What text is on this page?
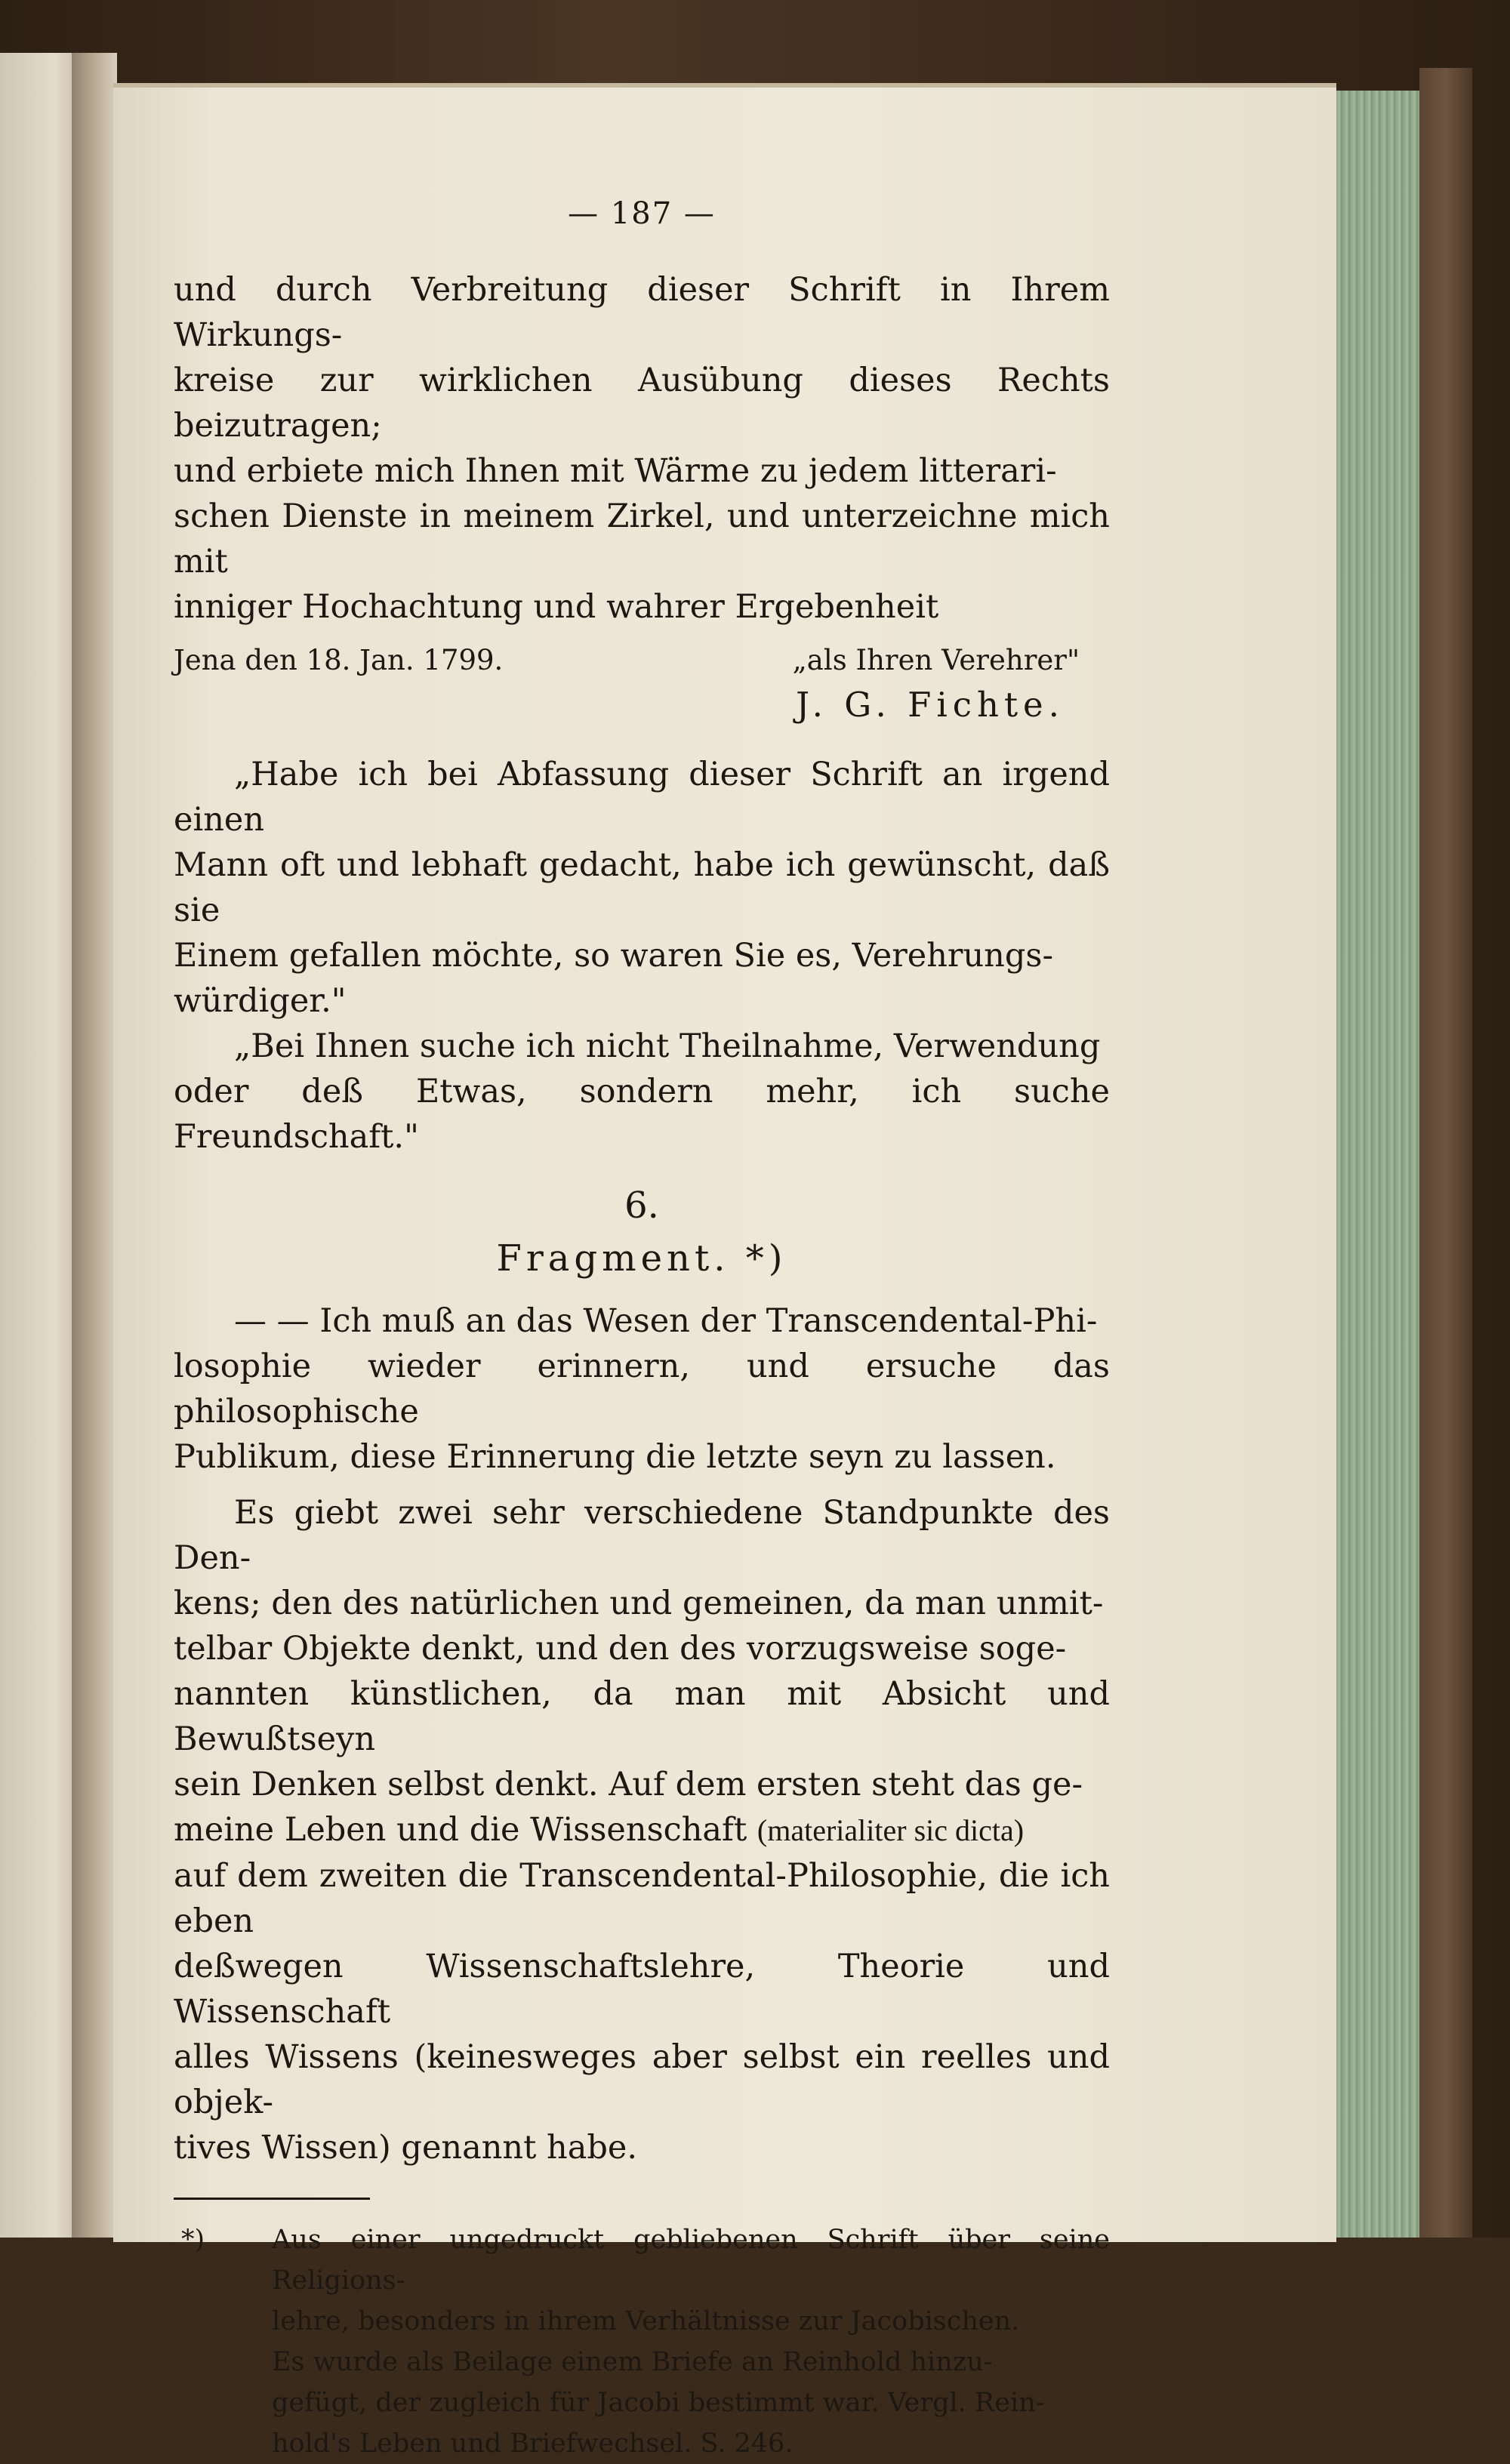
— 187 —

und durch Verbreitung dieser Schrift in Ihrem Wirkungs-

kreise zur wirklichen Ausübung dieses Rechts beizutragen;

und erbiete mich Ihnen mit Wärme zu jedem litterari-

schen Dienste in meinem Zirkel, und unterzeichne mich mit

inniger Hochachtung und wahrer Ergebenheit

Jena den 18. Jan. 1799.	„als Ihren Verehrer"
J. G. Fichte.

„Habe ich bei Abfassung dieser Schrift an irgend einen

Mann oft und lebhaft gedacht, habe ich gewünscht, daß sie

Einem gefallen möchte, so waren Sie es, Verehrungs-

würdiger."

„Bei Ihnen suche ich nicht Theilnahme, Verwendung

oder deß Etwas, sondern mehr, ich suche Freundschaft."

6.
Fragment. *)

— — Ich muß an das Wesen der Transcendental-Phi-

losophie wieder erinnern, und ersuche das philosophische

Publikum, diese Erinnerung die letzte seyn zu lassen.

Es giebt zwei sehr verschiedene Standpunkte des Den-

kens; den des natürlichen und gemeinen, da man unmit-

telbar Objekte denkt, und den des vorzugsweise soge-

nannten künstlichen, da man mit Absicht und Bewußtseyn

sein Denken selbst denkt. Auf dem ersten steht das ge-

meine Leben und die Wissenschaft (materialiter sic dicta)

auf dem zweiten die Transcendental-Philosophie, die ich eben

deßwegen Wissenschaftslehre, Theorie und Wissenschaft

alles Wissens (keinesweges aber selbst ein reelles und objek-

tives Wissen) genannt habe.

*)	Aus einer ungedruckt gebliebenen Schrift über seine Religions-
lehre, besonders in ihrem Verhältnisse zur Jacobischen.
Es wurde als Beilage einem Briefe an Reinhold hinzu-
gefügt, der zugleich für Jacobi bestimmt war. Vergl. Rein-
hold's Leben und Briefwechsel. S. 246.
